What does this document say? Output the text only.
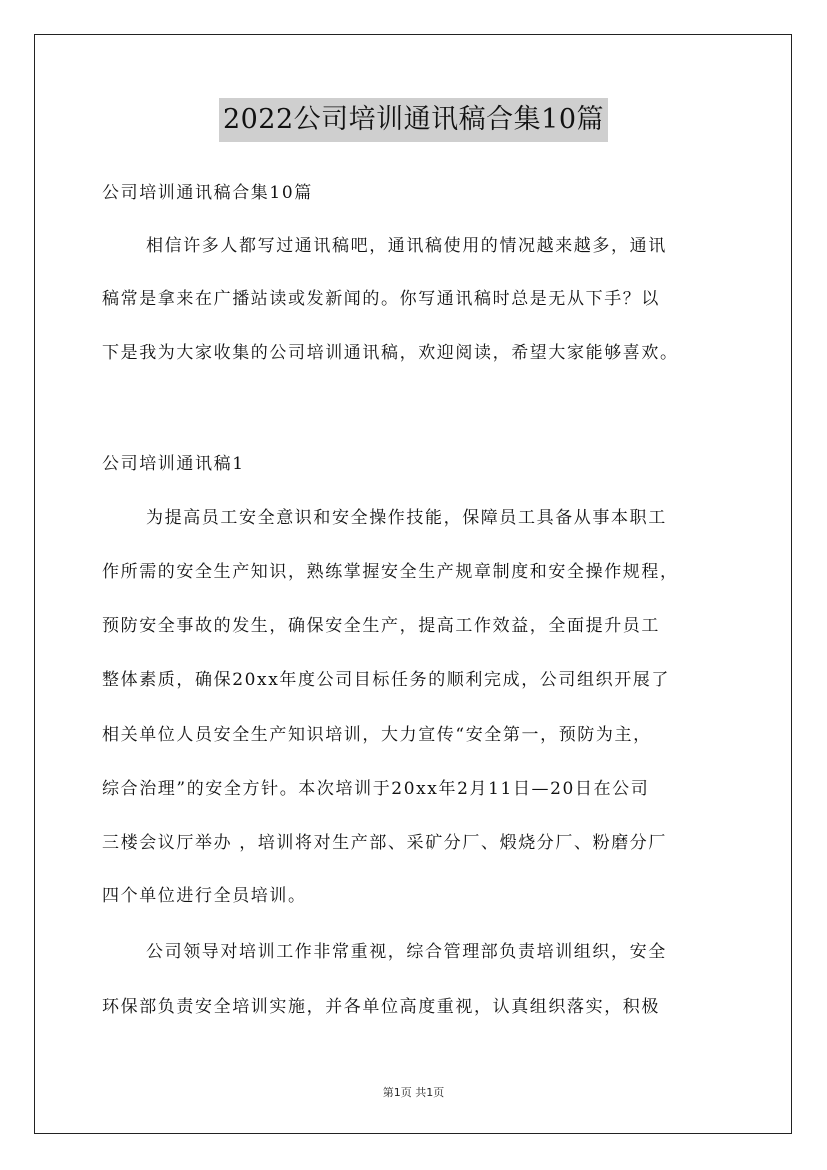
2022公司培训通讯稿合集10篇
公司培训通讯稿合集10篇
相信许多人都写过通讯稿吧，通讯稿使用的情况越来越多，通讯
稿常是拿来在广播站读或发新闻的。你写通讯稿时总是无从下手？以
下是我为大家收集的公司培训通讯稿，欢迎阅读，希望大家能够喜欢。
公司培训通讯稿1
为提高员工安全意识和安全操作技能，保障员工具备从事本职工
作所需的安全生产知识，熟练掌握安全生产规章制度和安全操作规程，
预防安全事故的发生，确保安全生产，提高工作效益，全面提升员工
整体素质，确保20xx年度公司目标任务的顺利完成，公司组织开展了
相关单位人员安全生产知识培训，大力宣传“安全第一，预防为主，
综合治理”的安全方针。本次培训于20xx年2月11日—20日在公司
三楼会议厅举办 ，培训将对生产部、采矿分厂、煅烧分厂、粉磨分厂
四个单位进行全员培训。
公司领导对培训工作非常重视，综合管理部负责培训组织，安全
环保部负责安全培训实施，并各单位高度重视，认真组织落实，积极
第1页 共1页
